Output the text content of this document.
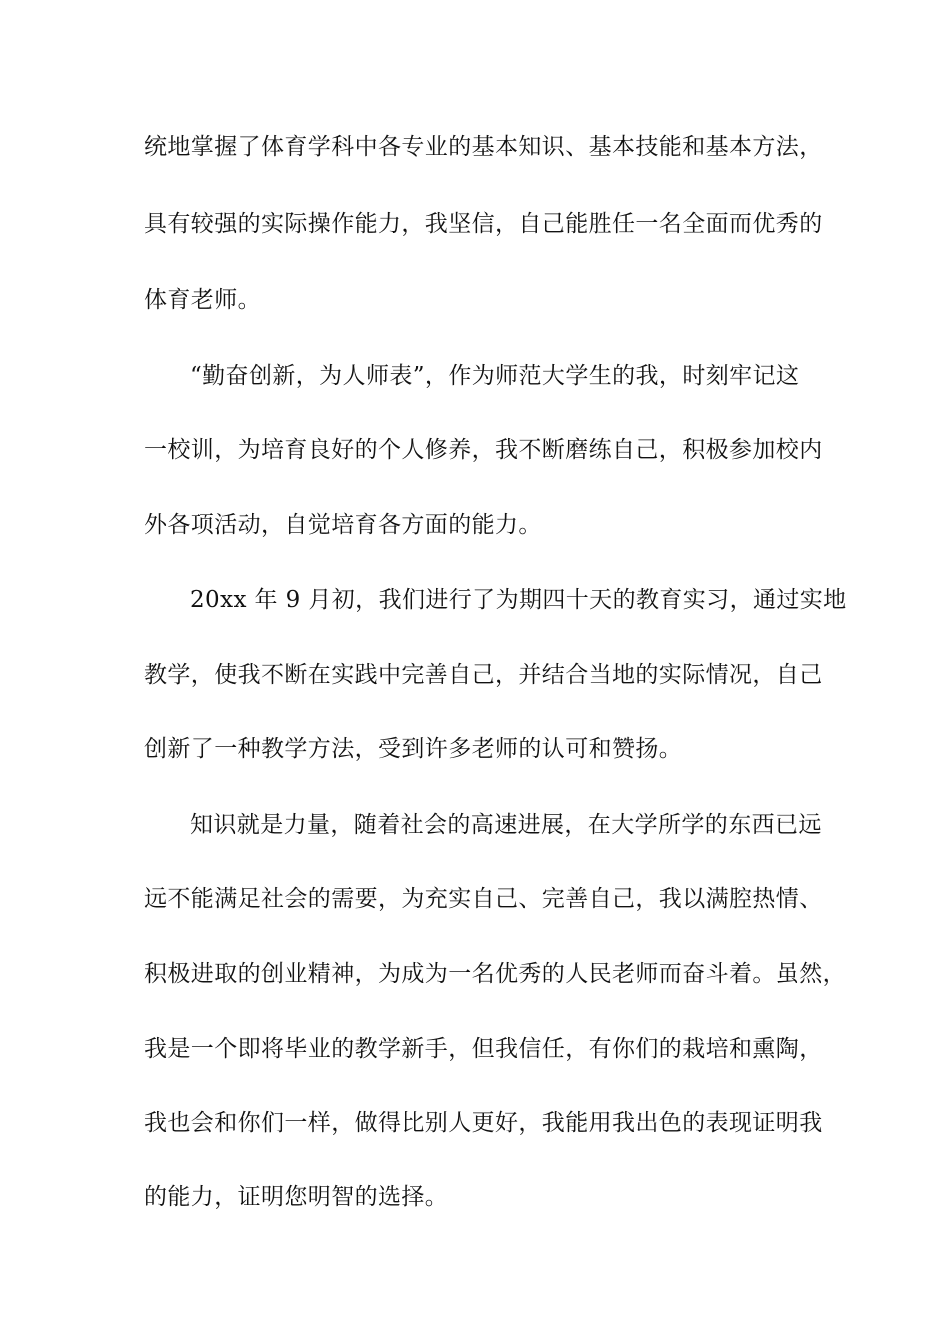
统地掌握了体育学科中各专业的基本知识、基本技能和基本方法，
具有较强的实际操作能力，我坚信，自己能胜任一名全面而优秀的
体育老师。
“勤奋创新，为人师表”，作为师范大学生的我，时刻牢记这
一校训，为培育良好的个人修养，我不断磨练自己，积极参加校内
外各项活动，自觉培育各方面的能力。
20xx 年 9 月初，我们进行了为期四十天的教育实习，通过实地
教学，使我不断在实践中完善自己，并结合当地的实际情况，自己
创新了一种教学方法，受到许多老师的认可和赞扬。
知识就是力量，随着社会的高速进展，在大学所学的东西已远
远不能满足社会的需要，为充实自己、完善自己，我以满腔热情、
积极进取的创业精神，为成为一名优秀的人民老师而奋斗着。虽然，
我是一个即将毕业的教学新手，但我信任，有你们的栽培和熏陶，
我也会和你们一样，做得比别人更好，我能用我出色的表现证明我
的能力，证明您明智的选择。
